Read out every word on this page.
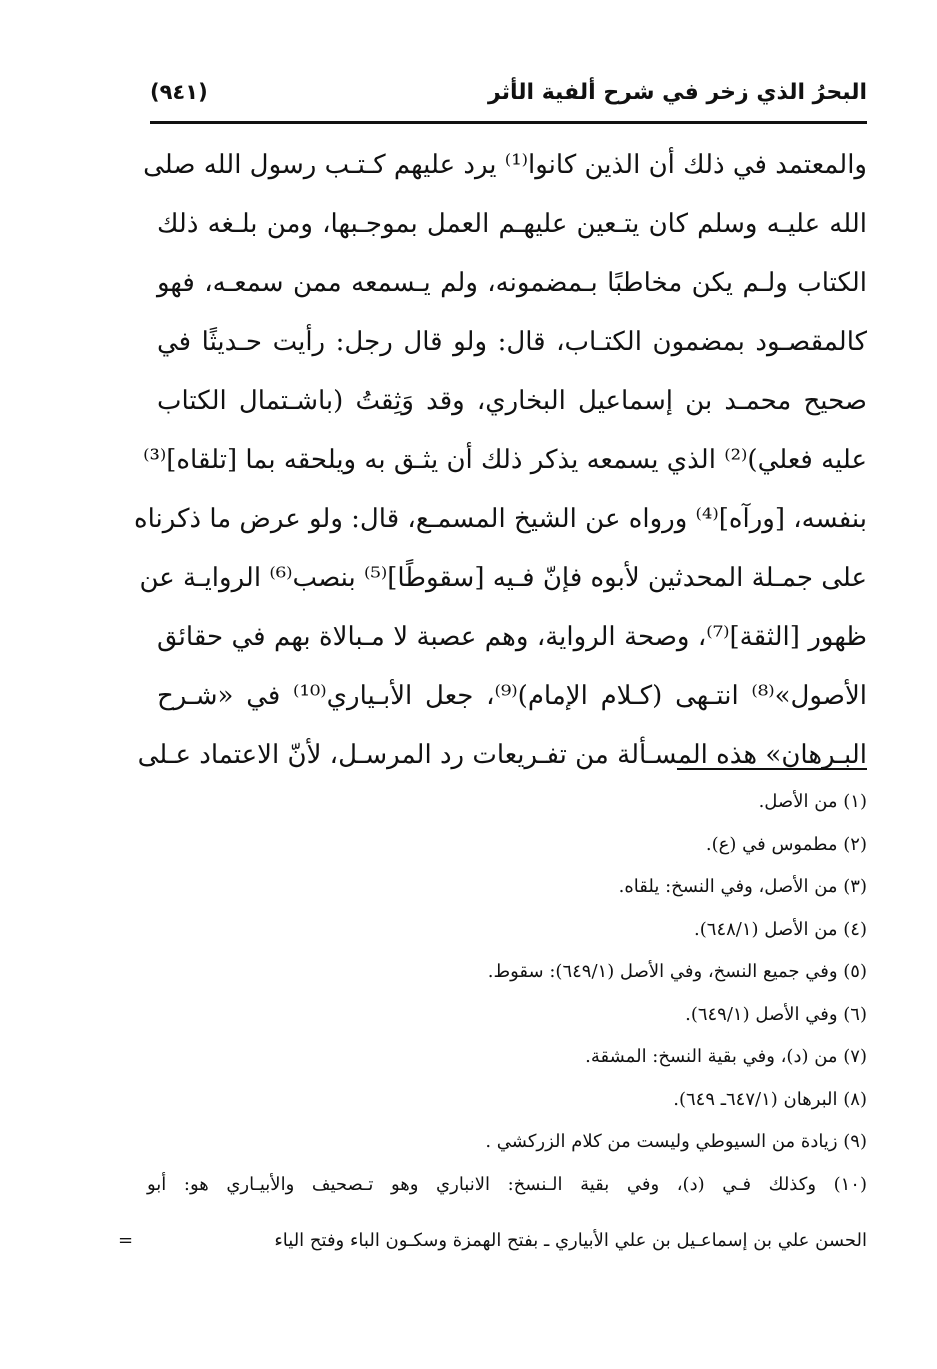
البحرُ الذي زخر في شرح ألفية الأثر
(٩٤١)
والمعتمد في ذلك أن الذين كانوا⁽¹⁾ يرد عليهم كـتـب رسول الله صلى
الله عليـه وسلم كان يتـعين عليهـم العمل بموجـبها، ومن بلـغه ذلك
الكتاب ولـم يكن مخاطبًا بـمضمونه، ولم يـسمعه ممن سمعـه، فهو
كالمقصـود بمضمون الكتـاب، قال: ولو قال رجل: رأيت حـديثًا في
صحيح محمـد بن إسماعيل البخاري، وقد وَثِقتُ (باشـتمال الكتاب
عليه فعلي)⁽²⁾ الذي يسمعه يذكر ذلك أن يثـق به ويلحقه بما [تلقاه]⁽³⁾
بنفسه، [ورآه]⁽⁴⁾ ورواه عن الشيخ المسمـع، قال: ولو عرض ما ذكرناه
على جمـلة المحدثين لأبوه فإنّ فـيه [سقوطًا]⁽⁵⁾ بنصب⁽⁶⁾ الروايـة عن
ظهور [الثقة]⁽⁷⁾، وصحة الرواية، وهم عصبة لا مـبالاة بهم في حقائق
الأصول»⁽⁸⁾ انتـهى (كـلام الإمام)⁽⁹⁾، جعل الأبـياري⁽¹⁰⁾ في «شـرح
البـرهان» هذه المسـألة من تفـريعات رد المرسـل، لأنّ الاعتماد عـلى
(١) من الأصل.
(٢) مطموس في (ع).
(٣) من الأصل، وفي النسخ: يلقاه.
(٤) من الأصل (٦٤٨/١).
(٥) وفي جميع النسخ، وفي الأصل (٦٤٩/١): سقوط.
(٦) وفي الأصل (٦٤٩/١).
(٧) من (د)، وفي بقية النسخ: المشقة.
(٨) البرهان (٦٤٧/١ـ ٦٤٩).
(٩) زيادة من السيوطي وليست من كلام الزركشي .
(١٠) وكذلك فـي (د)، وفي بقية الـنسخ: الانباري وهو تـصحيف والأبيـاري هو: أبو
الحسن علي بن إسماعـيل بن علي الأبياري ـ بفتح الهمزة وسكـون الباء وفتح الياء
=
